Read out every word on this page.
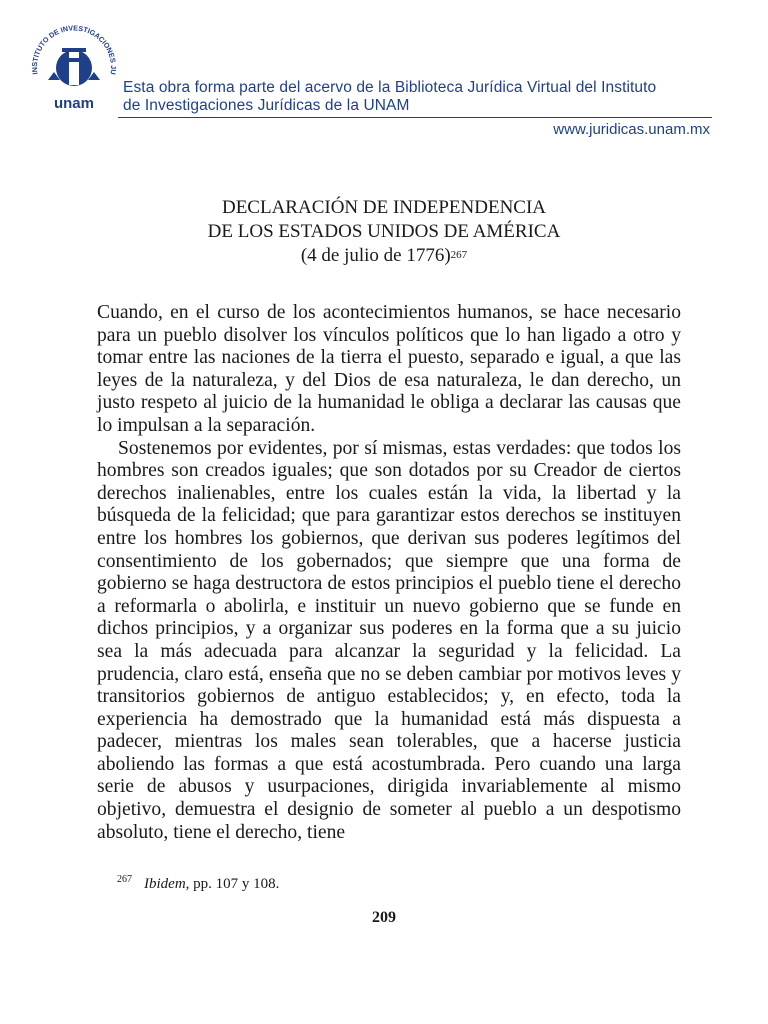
INSTITUTO DE INVESTIGACIONES JU
unam
Esta obra forma parte del acervo de la Biblioteca Jurídica Virtual del Instituto
de Investigaciones Jurídicas de la UNAM
www.juridicas.unam.mx
DECLARACIÓN DE INDEPENDENCIA
DE LOS ESTADOS UNIDOS DE AMÉRICA
(4 de julio de 1776)$^{267}$

Cuando, en el curso de los acontecimientos humanos, se hace necesario para un pueblo disolver los vínculos políticos que lo han ligado a otro y tomar entre las naciones de la tierra el puesto, separado e igual, a que las leyes de la naturaleza, y del Dios de esa naturaleza, le dan derecho, un justo respeto al juicio de la humanidad le obliga a declarar las causas que lo impulsan a la separación.

Sostenemos por evidentes, por sí mismas, estas verdades: que todos los hombres son creados iguales; que son dotados por su Creador de ciertos derechos inalienables, entre los cuales están la vida, la libertad y la búsqueda de la felicidad; que para garantizar estos derechos se instituyen entre los hombres los gobiernos, que derivan sus poderes legítimos del consentimiento de los gobernados; que siempre que una forma de gobierno se haga destructora de estos principios el pueblo tiene el derecho a reformarla o abolirla, e instituir un nuevo gobierno que se funde en dichos principios, y a organizar sus poderes en la forma que a su juicio sea la más adecuada para alcanzar la seguridad y la felicidad. La prudencia, claro está, enseña que no se deben cambiar por motivos leves y transitorios gobiernos de antiguo establecidos; y, en efecto, toda la experiencia ha demostrado que la humanidad está más dispuesta a padecer, mientras los males sean tolerables, que a hacerse justicia aboliendo las formas a que está acostumbrada. Pero cuando una larga serie de abusos y usurpaciones, dirigida invariablemente al mismo objetivo, demuestra el designio de someter al pueblo a un despotismo absoluto, tiene el derecho, tiene

$^{267}$ Ibidem, pp. 107 y 108.
209
